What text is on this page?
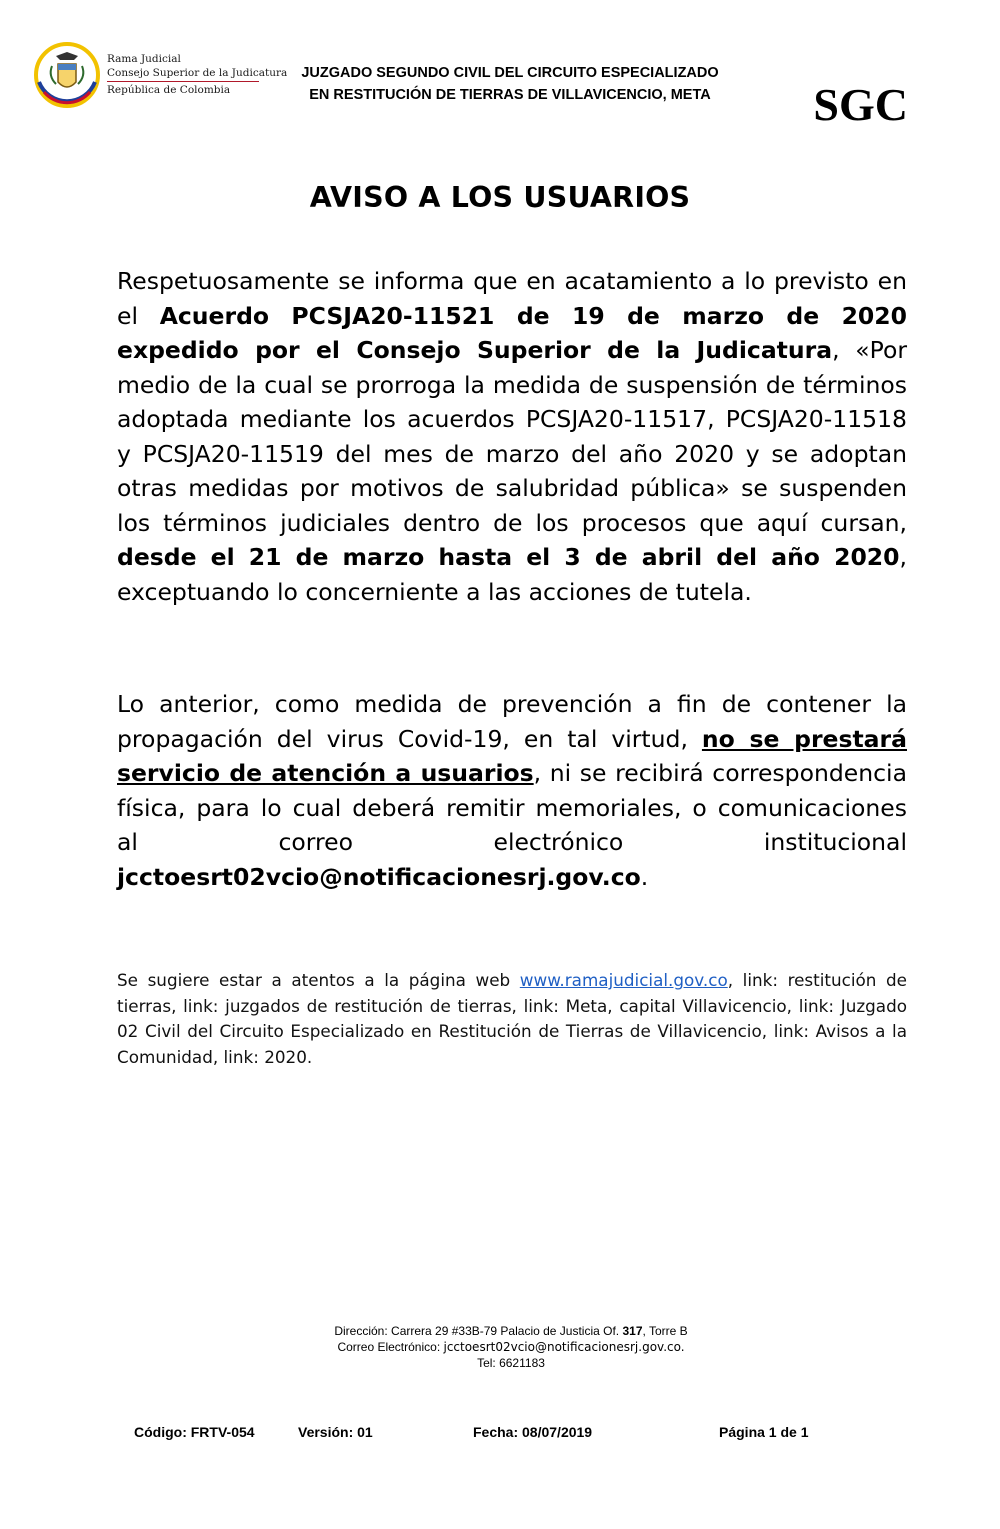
Rama Judicial
Consejo Superior de la Judicatura
República de Colombia
JUZGADO SEGUNDO CIVIL DEL CIRCUITO ESPECIALIZADO
EN RESTITUCIÓN DE TIERRAS DE VILLAVICENCIO, META	SGC
AVISO A LOS USUARIOS
Respetuosamente se informa que en acatamiento a lo previsto en el Acuerdo PCSJA20-11521 de 19 de marzo de 2020 expedido por el Consejo Superior de la Judicatura, «Por medio de la cual se prorroga la medida de suspensión de términos adoptada mediante los acuerdos PCSJA20-11517, PCSJA20-11518 y PCSJA20-11519 del mes de marzo del año 2020 y se adoptan otras medidas por motivos de salubridad pública» se suspenden los términos judiciales dentro de los procesos que aquí cursan, desde el 21 de marzo hasta el 3 de abril del año 2020, exceptuando lo concerniente a las acciones de tutela.
Lo anterior, como medida de prevención a fin de contener la propagación del virus Covid-19, en tal virtud, no se prestará servicio de atención a usuarios, ni se recibirá correspondencia física, para lo cual deberá remitir memoriales, o comunicaciones al correo electrónico institucional jcctoesrt02vcio@notificacionesrj.gov.co.
Se sugiere estar a atentos a la página web www.ramajudicial.gov.co, link: restitución de tierras, link: juzgados de restitución de tierras, link: Meta, capital Villavicencio, link: Juzgado 02 Civil del Circuito Especializado en Restitución de Tierras de Villavicencio, link: Avisos a la Comunidad, link: 2020.
Dirección: Carrera 29 #33B-79 Palacio de Justicia Of. 317, Torre B
Correo Electrónico: jcctoesrt02vcio@notificacionesrj.gov.co.
Tel: 6621183
Código: FRTV-054	Versión: 01	Fecha: 08/07/2019	Página 1 de 1
